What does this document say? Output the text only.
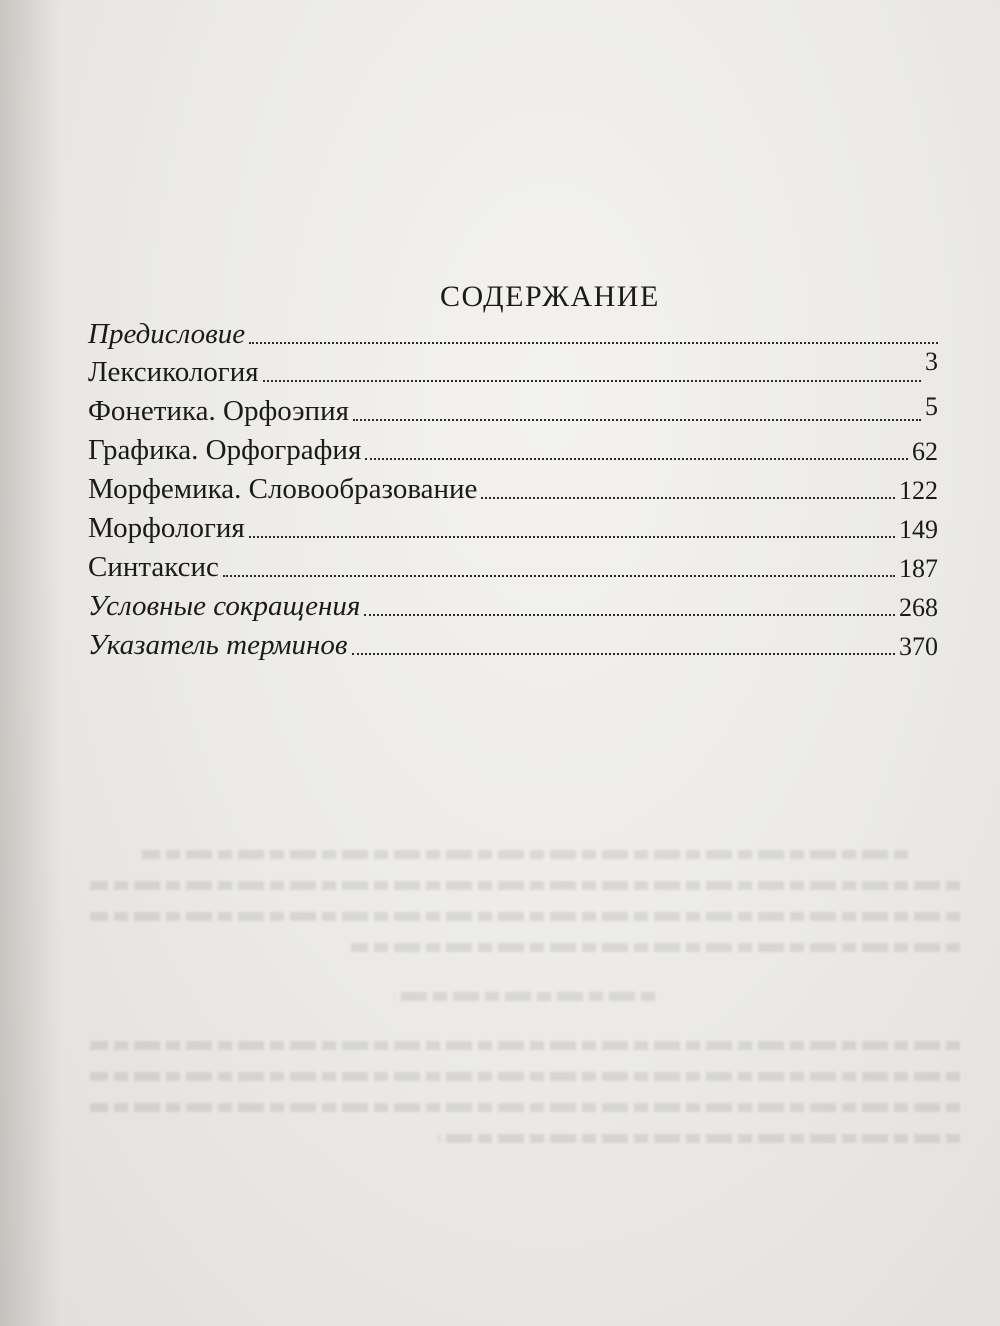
СОДЕРЖАНИЕ
Предисловие
Лексикология	3
Фонетика. Орфоэпия	5
Графика. Орфография	62
Морфемика. Словообразование	122
Морфология	149
Синтаксис	187
Условные сокращения	268
Указатель терминов	370
